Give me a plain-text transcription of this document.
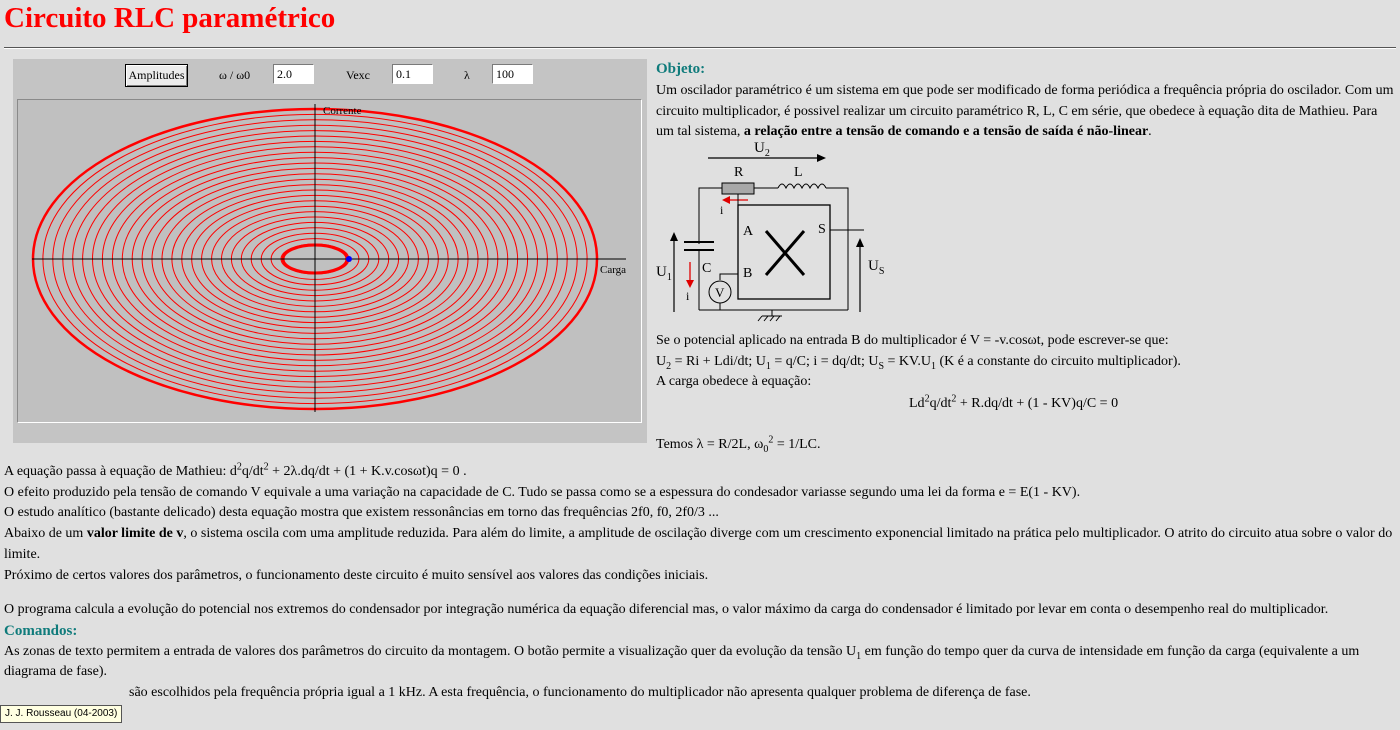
Circuito RLC paramétrico
Amplitudes	ω / ω0
2.0	Vexc
0.1	λ
100
Corrente
Carga
Objeto:
Um oscilador paramétrico é um sistema em que pode ser modificado de forma periódica a frequência própria do oscilador. Com um circuito multiplicador, é possivel realizar um circuito paramétrico R, L, C em série, que obedece à equação dita de Mathieu. Para um tal sistema, a relação entre a tensão de comando e a tensão de saída é não-linear.
$U_2$
R	L
i
A	S
B
C
i
$U_1$
$U_S$
V
Se o potencial aplicado na entrada B do multiplicador é V = -v.cosωt, pode escrever-se que:
$U_2 = Ri + Ldi/dt$; $U_1 = q/C$; i = dq/dt; $U_S = KV.U_1$ (K é a constante do circuito multiplicador).
A carga obedece à equação:
$Ld^2q/dt^2 + R.dq/dt + (1 - KV)q/C = 0$
Temos λ = R/2L, $\omega_0^2 = 1/LC$.

A equação passa à equação de Mathieu: $d^2q/dt^2 + 2\lambda.dq/dt + (1 + K.v.\cos\omega t)q = 0$ .

O efeito produzido pela tensão de comando V equivale a uma variação na capacidade de C. Tudo se passa como se a espessura do condesador variasse segundo uma lei da forma e = E(1 - KV).

O estudo analítico (bastante delicado) desta equação mostra que existem ressonâncias em torno das frequências 2f0, f0, 2f0/3 ...

Abaixo de um valor limite de v, o sistema oscila com uma amplitude reduzida. Para além do limite, a amplitude de oscilação diverge com um crescimento exponencial limitado na prática pelo multiplicador. O atrito do circuito atua sobre o valor do limite.

Próximo de certos valores dos parâmetros, o funcionamento deste circuito é muito sensível aos valores das condições iniciais.

O programa calcula a evolução do potencial nos extremos do condensador por integração numérica da equação diferencial mas, o valor máximo da carga do condensador é limitado por levar em conta o desempenho real do multiplicador.

Comandos:

As zonas de texto permitem a entrada de valores dos parâmetros do circuito da montagem. O botão permite a visualização quer da evolução da tensão $U_1$ em função do tempo quer da curva de intensidade em função da carga (equivalente a um diagrama de fase).

são escolhidos pela frequência própria igual a 1 kHz. A esta frequência, o funcionamento do multiplicador não apresenta qualquer problema de diferença de fase.

J. J. Rousseau (04-2003)
